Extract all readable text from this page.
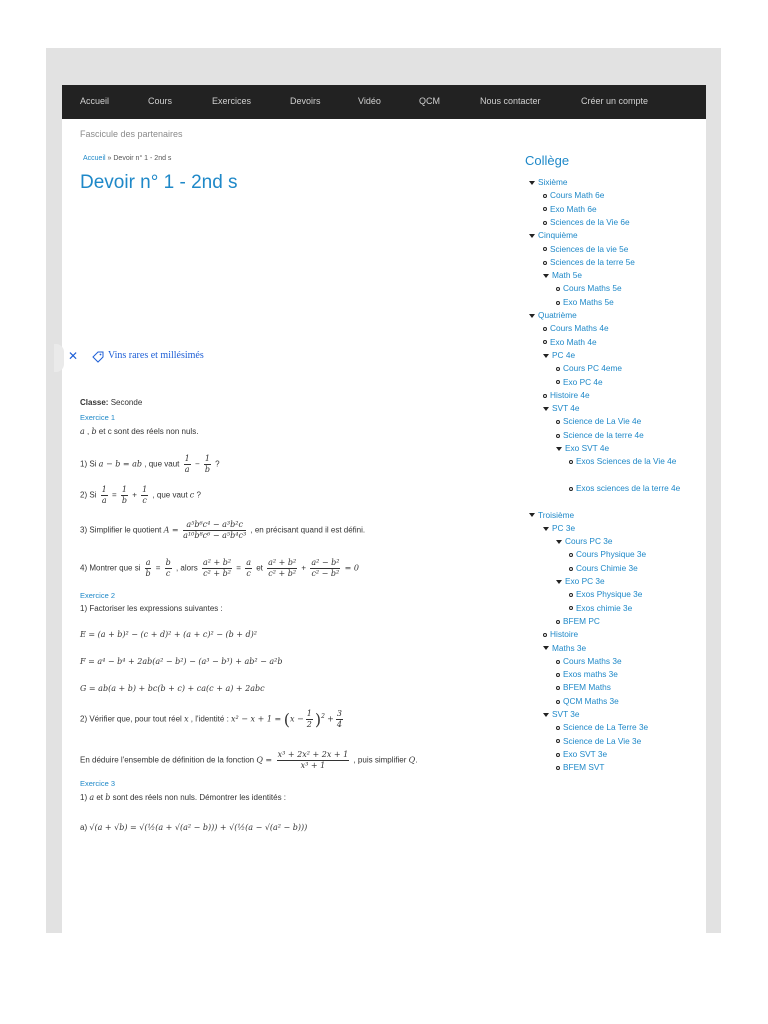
Accueil	Cours	Exercices	Devoirs	Vidéo	QCM	Nous contacter	Créer un compte
Fascicule des partenaires
Accueil » Devoir n° 1 - 2nd s
Devoir n° 1 - 2nd s
✕	Vins rares et millésimés
Classe: Seconde
Exercice 1
a , b et c sont des réels non nuls.
1) Si a − b = ab , que vaut $\frac{1}{a} - \frac{1}{b}$ ?
2) Si $\frac{1}{a} = \frac{1}{b} + \frac{1}{c}$ , que vaut c ?
3) Simplifier le quotient $A = \frac{\text{a⁵b⁶c⁴ − a³b²c}}{\text{a¹⁰b⁸c⁶ − a⁵b⁴c³}}$ , en précisant quand il est défini.
4) Montrer que si $\frac{a}{b} = \frac{b}{c}$ , alors $\frac{\text{a² + b²}}{\text{c² + b²}} = \frac{a}{c}$ et $\frac{\text{a² + b²}}{\text{c² + b²}} + \frac{\text{a² − b²}}{\text{c² − b²}} = 0$
Exercice 2
1) Factoriser les expressions suivantes :
E = (a + b)² − (c + d)² + (a + c)² − (b + d)²
F = a⁴ − b⁴ + 2ab(a² − b²) − (a³ − b³) + ab² − a²b
G = ab(a + b) + bc(b + c) + ca(c + a) + 2abc
2) Vérifier que, pour tout réel x , l'identité : $x^2 - x + 1 = (x - \frac{1}{2} )^2 + \frac{3}{4}$
En déduire l'ensemble de définition de la fonction $Q = \frac{\text{x³ + 2x² + 2x + 1}}{\text{x³ + 1}}$ , puis simplifier Q.
Exercice 3
1) a et b sont des réels non nuls. Démontrer les identités :
a) √(a + √b) = √(½(a + √(a² − b))) + √(½(a − √(a² − b)))
Collège
Sixième
Cours Math 6e
Exo Math 6e
Sciences de la Vie 6e
Cinquième
Sciences de la vie 5e
Sciences de la terre 5e
Math 5e
Cours Maths 5e
Exo Maths 5e
Quatrième
Cours Maths 4e
Exo Math 4e
PC 4e
Cours PC 4eme
Exo PC 4e
Histoire 4e
SVT 4e
Science de La Vie 4e
Science de la terre 4e
Exo SVT 4e
Exos Sciences de la Vie 4e
Exos sciences de la terre 4e
Troisième
PC 3e
Cours PC 3e
Cours Physique 3e
Cours Chimie 3e
Exo PC 3e
Exos Physique 3e
Exos chimie 3e
BFEM PC
Histoire
Maths 3e
Cours Maths 3e
Exos maths 3e
BFEM Maths
QCM Maths 3e
SVT 3e
Science de La Terre 3e
Science de La Vie 3e
Exo SVT 3e
BFEM SVT
